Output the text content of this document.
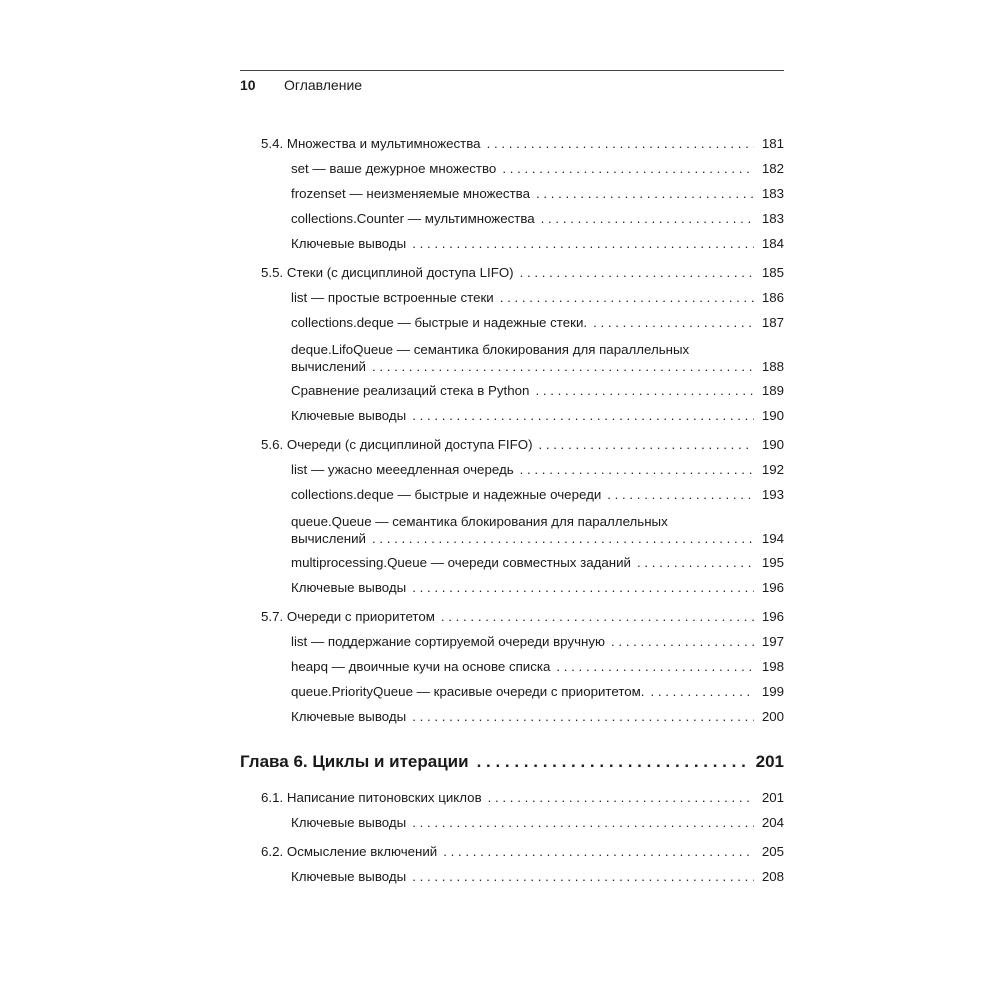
10	Оглавление
5.4. Множества и мультимножества . . .	181
set — ваше дежурное множество . . .	182
frozenset — неизменяемые множества . . .	183
collections.Counter — мультимножества . . .	183
Ключевые выводы . . .	184
5.5. Стеки (с дисциплиной доступа LIFO) . . .	185
list — простые встроенные стеки . . .	186
collections.deque — быстрые и надежные стеки. . . .	187
deque.LifoQueue — семантика блокирования для параллельных
вычислений . . .	188
Сравнение реализаций стека в Python . . .	189
Ключевые выводы . . .	190
5.6. Очереди (с дисциплиной доступа FIFO) . . .	190
list — ужасно мееедленная очередь . . .	192
collections.deque — быстрые и надежные очереди . . .	193
queue.Queue — семантика блокирования для параллельных
вычислений . . .	194
multiprocessing.Queue — очереди совместных заданий . . .	195
Ключевые выводы . . .	196
5.7. Очереди с приоритетом . . .	196
list — поддержание сортируемой очереди вручную . . .	197
heapq — двоичные кучи на основе списка . . .	198
queue.PriorityQueue — красивые очереди с приоритетом. . . .	199
Ключевые выводы . . .	200
Глава 6. Циклы и итерации . . .	201
6.1. Написание питоновских циклов . . .	201
Ключевые выводы . . .	204
6.2. Осмысление включений . . .	205
Ключевые выводы . . .	208
